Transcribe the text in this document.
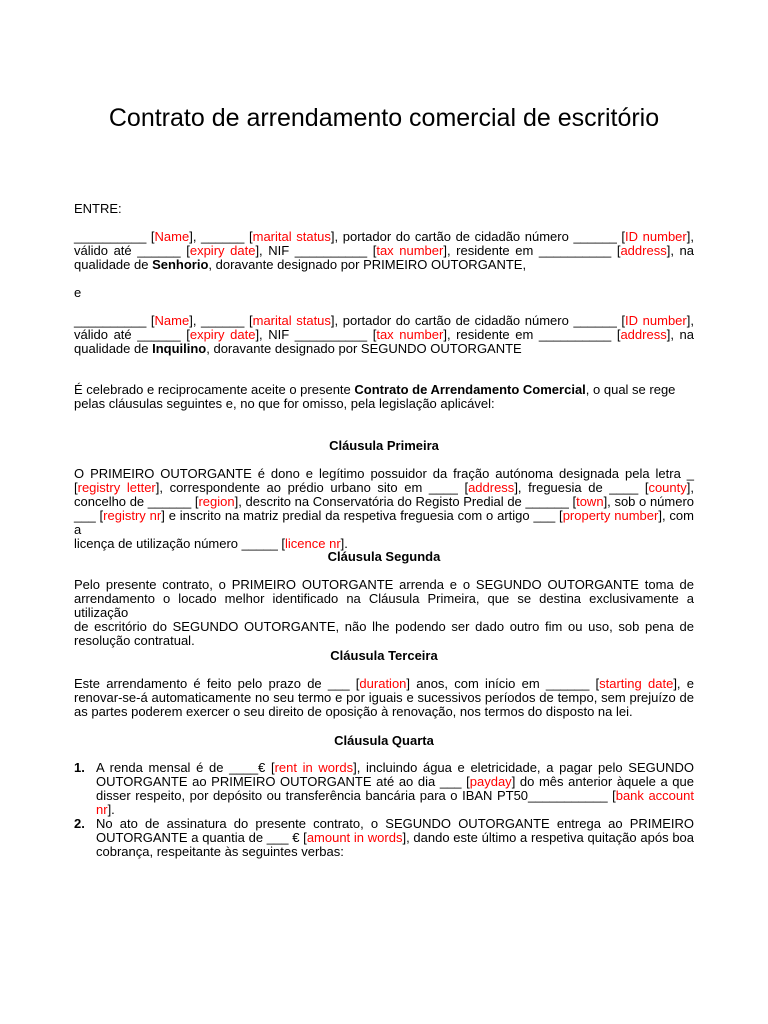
Contrato de arrendamento comercial de escritório
ENTRE:
__________ [Name], ______ [marital status], portador do cartão de cidadão número ______ [ID number],
válido até ______ [expiry date], NIF __________ [tax number], residente em __________ [address], na
qualidade de Senhorio, doravante designado por PRIMEIRO OUTORGANTE,
e
__________ [Name], ______ [marital status], portador do cartão de cidadão número ______ [ID number],
válido até ______ [expiry date], NIF __________ [tax number], residente em __________ [address], na
qualidade de Inquilino, doravante designado por SEGUNDO OUTORGANTE
É celebrado e reciprocamente aceite o presente Contrato de Arrendamento Comercial, o qual se rege
pelas cláusulas seguintes e, no que for omisso, pela legislação aplicável:
Cláusula Primeira
O PRIMEIRO OUTORGANTE é dono e legítimo possuidor da fração autónoma designada pela letra _
[registry letter], correspondente ao prédio urbano sito em ____ [address], freguesia de ____ [county],
concelho de ______ [region], descrito na Conservatória do Registo Predial de ______ [town], sob o número
___ [registry nr] e inscrito na matriz predial da respetiva freguesia com o artigo ___ [property number], com a
licença de utilização número _____ [licence nr].
Cláusula Segunda
Pelo presente contrato, o PRIMEIRO OUTORGANTE arrenda e o SEGUNDO OUTORGANTE toma de
arrendamento o locado melhor identificado na Cláusula Primeira, que se destina exclusivamente a utilização
de escritório do SEGUNDO OUTORGANTE, não lhe podendo ser dado outro fim ou uso, sob pena de
resolução contratual.
Cláusula Terceira
Este arrendamento é feito pelo prazo de ___ [duration] anos, com início em ______ [starting date], e
renovar-se-á automaticamente no seu termo e por iguais e sucessivos períodos de tempo, sem prejuízo de
as partes poderem exercer o seu direito de oposição à renovação, nos termos do disposto na lei.
Cláusula Quarta
1. A renda mensal é de ____€ [rent in words], incluindo água e eletricidade, a pagar pelo SEGUNDO
OUTORGANTE ao PRIMEIRO OUTORGANTE até ao dia ___ [payday] do mês anterior àquele a que
disser respeito, por depósito ou transferência bancária para o IBAN PT50___________ [bank account
nr].
2. No ato de assinatura do presente contrato, o SEGUNDO OUTORGANTE entrega ao PRIMEIRO
OUTORGANTE a quantia de ___ € [amount in words], dando este último a respetiva quitação após boa
cobrança, respeitante às seguintes verbas:
